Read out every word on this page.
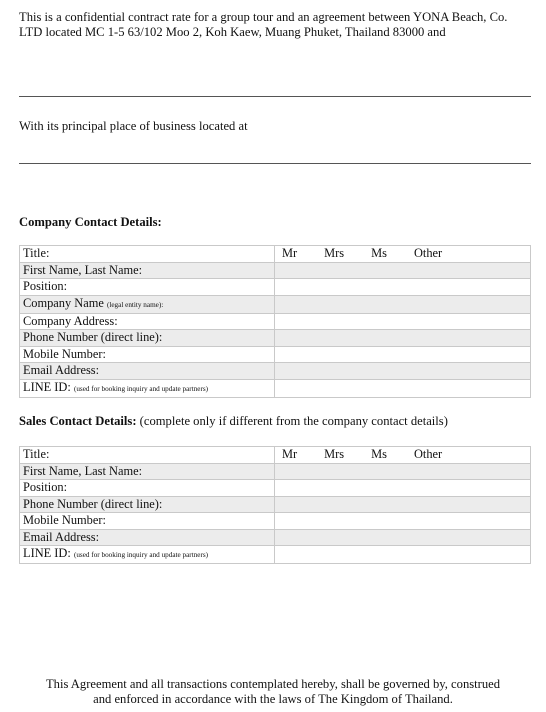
This is a confidential contract rate for a group tour and an agreement between YONA Beach, Co. LTD located MC 1-5 63/102 Moo 2, Koh Kaew, Muang Phuket, Thailand 83000 and
With its principal place of business located at
Company Contact Details:
Title:	Mr Mrs Ms Other
First Name, Last Name:	
Position:	
Company Name (legal entity name):	
Company Address:	
Phone Number (direct line):	
Mobile Number:	
Email Address:	
LINE ID: (used for booking inquiry and update partners)	
Sales Contact Details: (complete only if different from the company contact details)
Title:	Mr Mrs Ms Other
First Name, Last Name:	
Position:	
Phone Number (direct line):	
Mobile Number:	
Email Address:	
LINE ID: (used for booking inquiry and update partners)	
This Agreement and all transactions contemplated hereby, shall be governed by, construed
and enforced in accordance with the laws of The Kingdom of Thailand.
